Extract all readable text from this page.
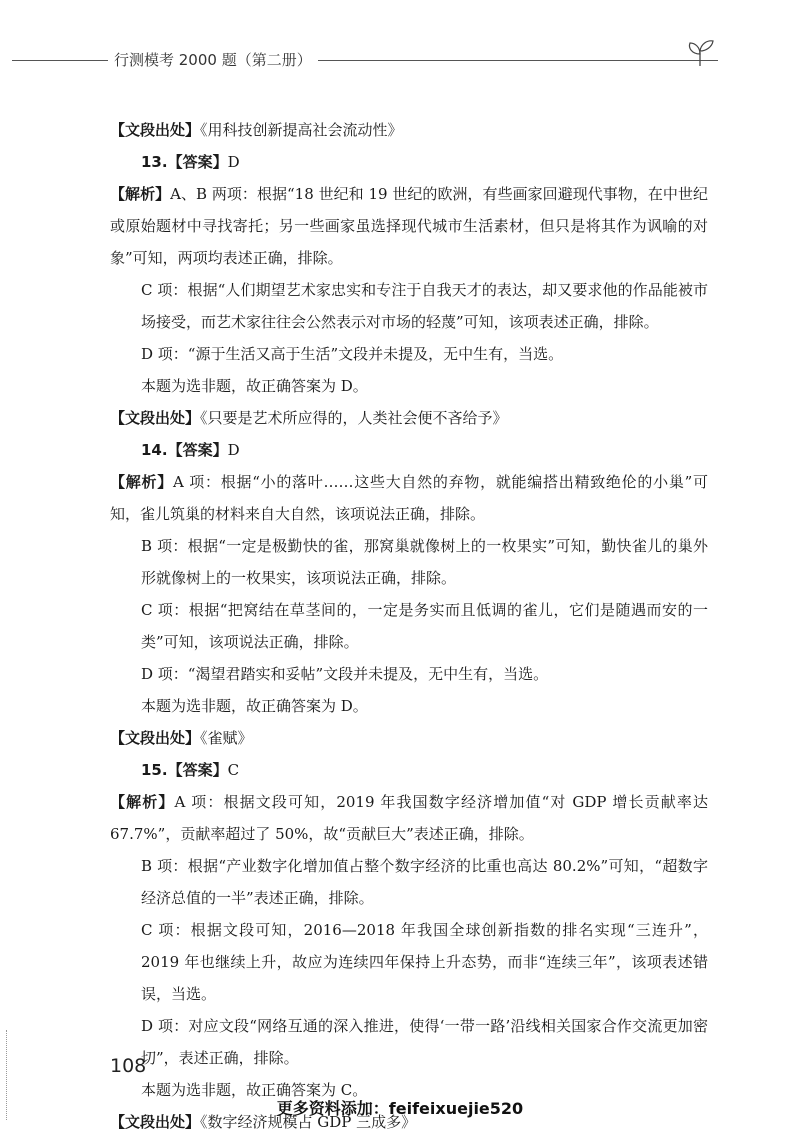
行测模考 2000 题（第二册）

【文段出处】《用科技创新提高社会流动性》

13.【答案】D

【解析】A、B 两项：根据“18 世纪和 19 世纪的欧洲，有些画家回避现代事物，在中世纪或原始题材中寻找寄托；另一些画家虽选择现代城市生活素材，但只是将其作为讽喻的对象”可知，两项均表述正确，排除。

C 项：根据“人们期望艺术家忠实和专注于自我天才的表达，却又要求他的作品能被市场接受，而艺术家往往会公然表示对市场的轻蔑”可知，该项表述正确，排除。

D 项：“源于生活又高于生活”文段并未提及，无中生有，当选。

本题为选非题，故正确答案为 D。

【文段出处】《只要是艺术所应得的，人类社会便不吝给予》

14.【答案】D

【解析】A 项：根据“小的落叶……这些大自然的弃物，就能编搭出精致绝伦的小巢”可知，雀儿筑巢的材料来自大自然，该项说法正确，排除。

B 项：根据“一定是极勤快的雀，那窝巢就像树上的一枚果实”可知，勤快雀儿的巢外形就像树上的一枚果实，该项说法正确，排除。

C 项：根据“把窝结在草茎间的，一定是务实而且低调的雀儿，它们是随遇而安的一类”可知，该项说法正确，排除。

D 项：“渴望君踏实和妥帖”文段并未提及，无中生有，当选。

本题为选非题，故正确答案为 D。

【文段出处】《雀赋》

15.【答案】C

【解析】A 项：根据文段可知，2019 年我国数字经济增加值“对 GDP 增长贡献率达 67.7%”，贡献率超过了 50%，故“贡献巨大”表述正确，排除。

B 项：根据“产业数字化增加值占整个数字经济的比重也高达 80.2%”可知，“超数字经济总值的一半”表述正确，排除。

C 项：根据文段可知，2016—2018 年我国全球创新指数的排名实现“三连升”，2019 年也继续上升，故应为连续四年保持上升态势，而非“连续三年”，该项表述错误，当选。

D 项：对应文段“网络互通的深入推进，使得‘一带一路’沿线相关国家合作交流更加密切”，表述正确，排除。

本题为选非题，故正确答案为 C。

【文段出处】《数字经济规模占 GDP 三成多》

108
更多资料添加：feifeixuejie520
